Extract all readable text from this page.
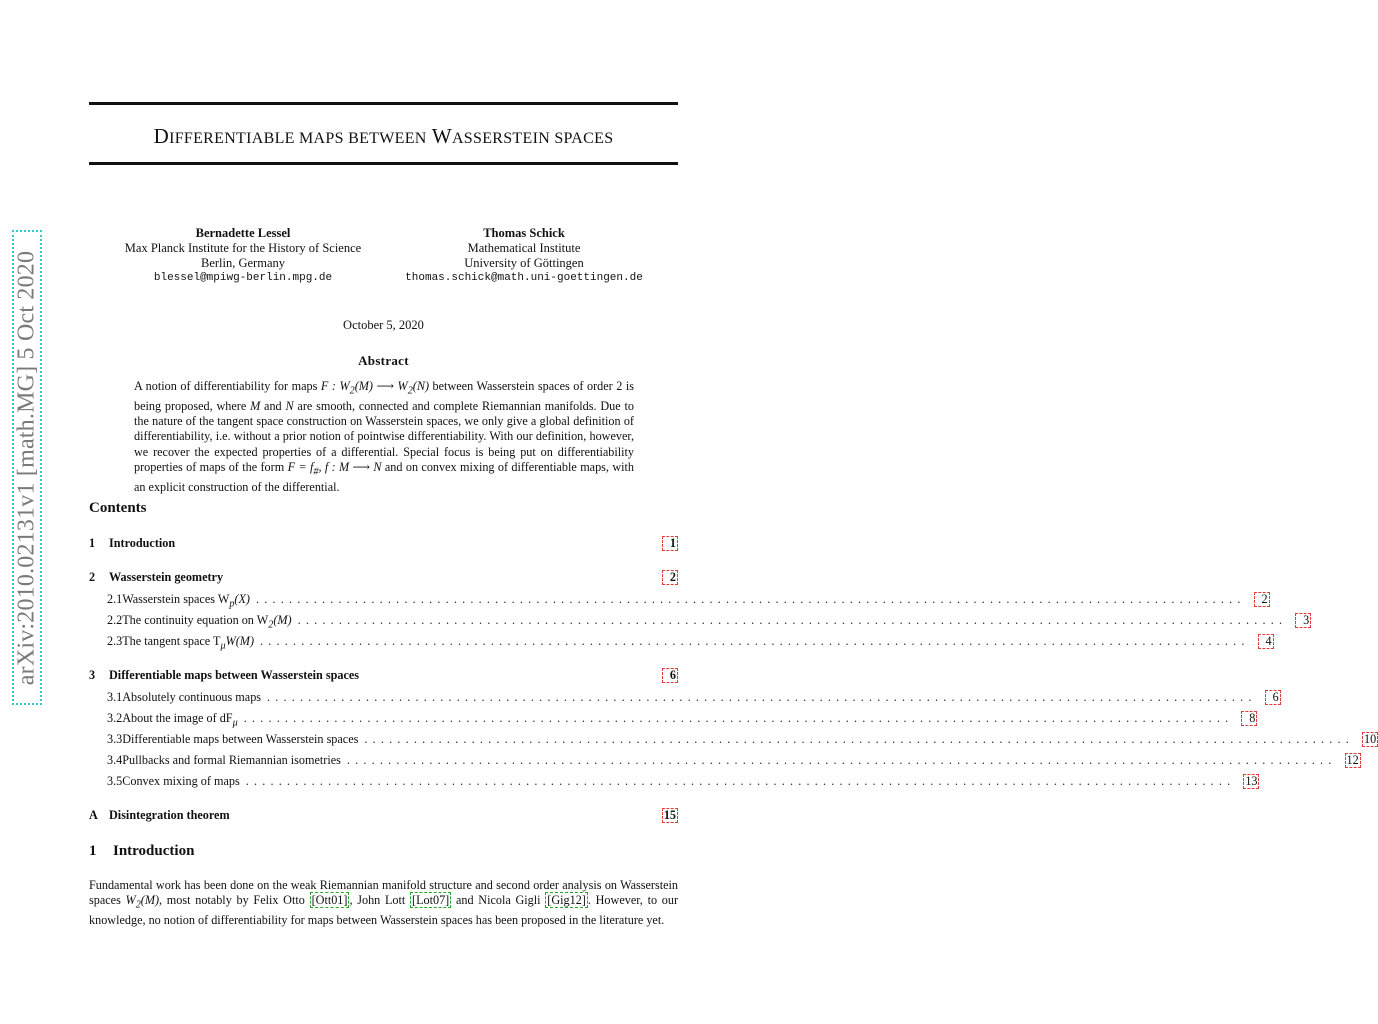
arXiv:2010.02131v1 [math.MG] 5 Oct 2020
DIFFERENTIABLE MAPS BETWEEN WASSERSTEIN SPACES
Bernadette Lessel
Max Planck Institute for the History of Science
Berlin, Germany
blessel@mpiwg-berlin.mpg.de
Thomas Schick
Mathematical Institute
University of Göttingen
thomas.schick@math.uni-goettingen.de
October 5, 2020
Abstract
A notion of differentiability for maps F : $W_2(M)$ ⟶ $W_2(N)$ between Wasserstein spaces of order 2 is being proposed, where M and N are smooth, connected and complete Riemannian manifolds. Due to the nature of the tangent space construction on Wasserstein spaces, we only give a global definition of differentiability, i.e. without a prior notion of pointwise differentiability. With our definition, however, we recover the expected properties of a differential. Special focus is being put on differentiability properties of maps of the form $F = f_{\#}$, f : M ⟶ N and on convex mixing of differentiable maps, with an explicit construction of the differential.
Contents
1	Introduction	1
2	Wasserstein geometry	2
2.1 Wasserstein spaces $W_p(X)$ ........................................................................................................................	2
2.2 The continuity equation on $W_2(M)$ ........................................................................................................................	3
2.3 The tangent space $T_\mu W(M)$ ........................................................................................................................	4
3	Differentiable maps between Wasserstein spaces	6
3.1 Absolutely continuous maps ........................................................................................................................	6
3.2 About the image of $dF_\mu$ ........................................................................................................................	8
3.3 Differentiable maps between Wasserstein spaces ........................................................................................................................ 10
3.4 Pullbacks and formal Riemannian isometries ........................................................................................................................ 12
3.5 Convex mixing of maps ........................................................................................................................ 13
A Disintegration theorem	15
1 Introduction
Fundamental work has been done on the weak Riemannian manifold structure and second order analysis on Wasserstein spaces $W_2(M)$, most notably by Felix Otto [Ott01] , John Lott [Lot07] and Nicola Gigli [Gig12] . However, to our knowledge, no notion of differentiability for maps between Wasserstein spaces has been proposed in the literature yet.
